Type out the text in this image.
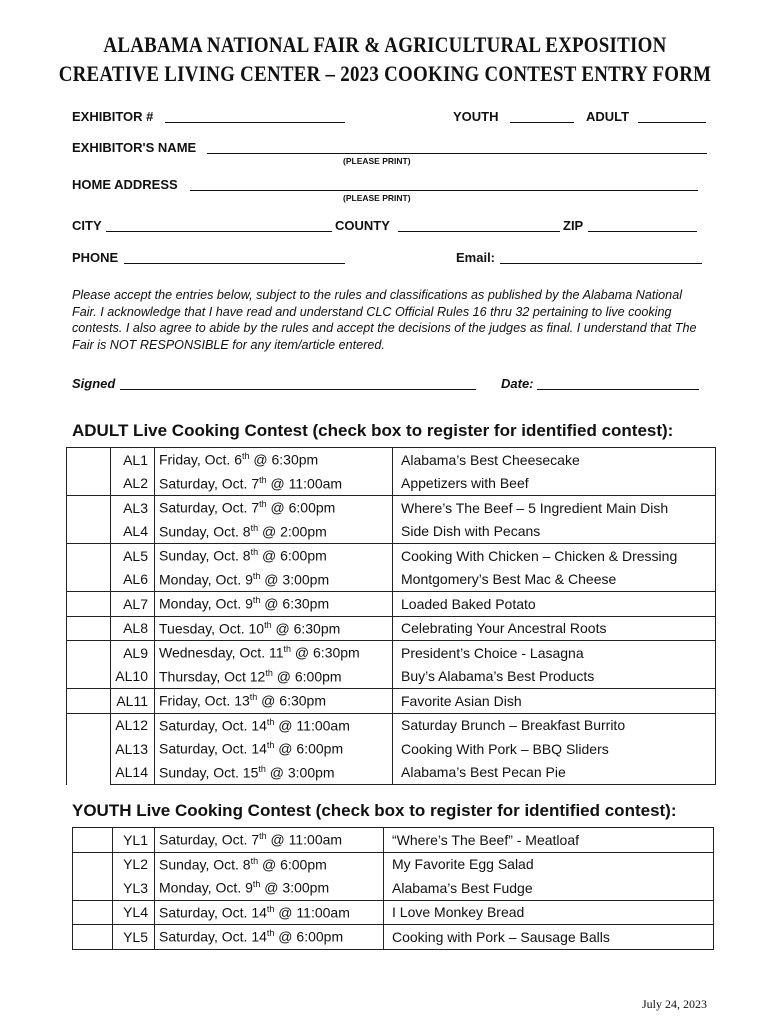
ALABAMA NATIONAL FAIR & AGRICULTURAL EXPOSITION
CREATIVE LIVING CENTER – 2023 COOKING CONTEST ENTRY FORM
EXHIBITOR #	YOUTH	ADULT
EXHIBITOR'S NAME
(PLEASE PRINT)
HOME ADDRESS
(PLEASE PRINT)
CITY	COUNTY	ZIP
PHONE	Email:
Please accept the entries below, subject to the rules and classifications as published by the Alabama National Fair. I acknowledge that I have read and understand CLC Official Rules 16 thru 32 pertaining to live cooking contests. I also agree to abide by the rules and accept the decisions of the judges as final. I understand that The Fair is NOT RESPONSIBLE for any item/article entered.
Signed	Date:
ADULT Live Cooking Contest (check box to register for identified contest):
	AL1	Friday, Oct. 6th @ 6:30pm	Alabama’s Best Cheesecake
	AL2	Saturday, Oct. 7th @ 11:00am	Appetizers with Beef
	AL3	Saturday, Oct. 7th @ 6:00pm	Where’s The Beef – 5 Ingredient Main Dish
	AL4	Sunday, Oct. 8th @ 2:00pm	Side Dish with Pecans
	AL5	Sunday, Oct. 8th @ 6:00pm	Cooking With Chicken – Chicken & Dressing
	AL6	Monday, Oct. 9th @ 3:00pm	Montgomery’s Best Mac & Cheese
	AL7	Monday, Oct. 9th @ 6:30pm	Loaded Baked Potato
	AL8	Tuesday, Oct. 10th @ 6:30pm	Celebrating Your Ancestral Roots
	AL9	Wednesday, Oct. 11th @ 6:30pm	President’s Choice - Lasagna
	AL10	Thursday, Oct 12th @ 6:00pm	Buy’s Alabama’s Best Products
	AL11	Friday, Oct. 13th @ 6:30pm	Favorite Asian Dish
	AL12	Saturday, Oct. 14th @ 11:00am	Saturday Brunch – Breakfast Burrito
	AL13	Saturday, Oct. 14th @ 6:00pm	Cooking With Pork – BBQ Sliders
	AL14	Sunday, Oct. 15th @ 3:00pm	Alabama’s Best Pecan Pie
YOUTH Live Cooking Contest (check box to register for identified contest):
	YL1	Saturday, Oct. 7th @ 11:00am	“Where’s The Beef” - Meatloaf
	YL2	Sunday, Oct. 8th @ 6:00pm	My Favorite Egg Salad
	YL3	Monday, Oct. 9th @ 3:00pm	Alabama’s Best Fudge
	YL4	Saturday, Oct. 14th @ 11:00am	I Love Monkey Bread
	YL5	Saturday, Oct. 14th @ 6:00pm	Cooking with Pork – Sausage Balls
July 24, 2023
